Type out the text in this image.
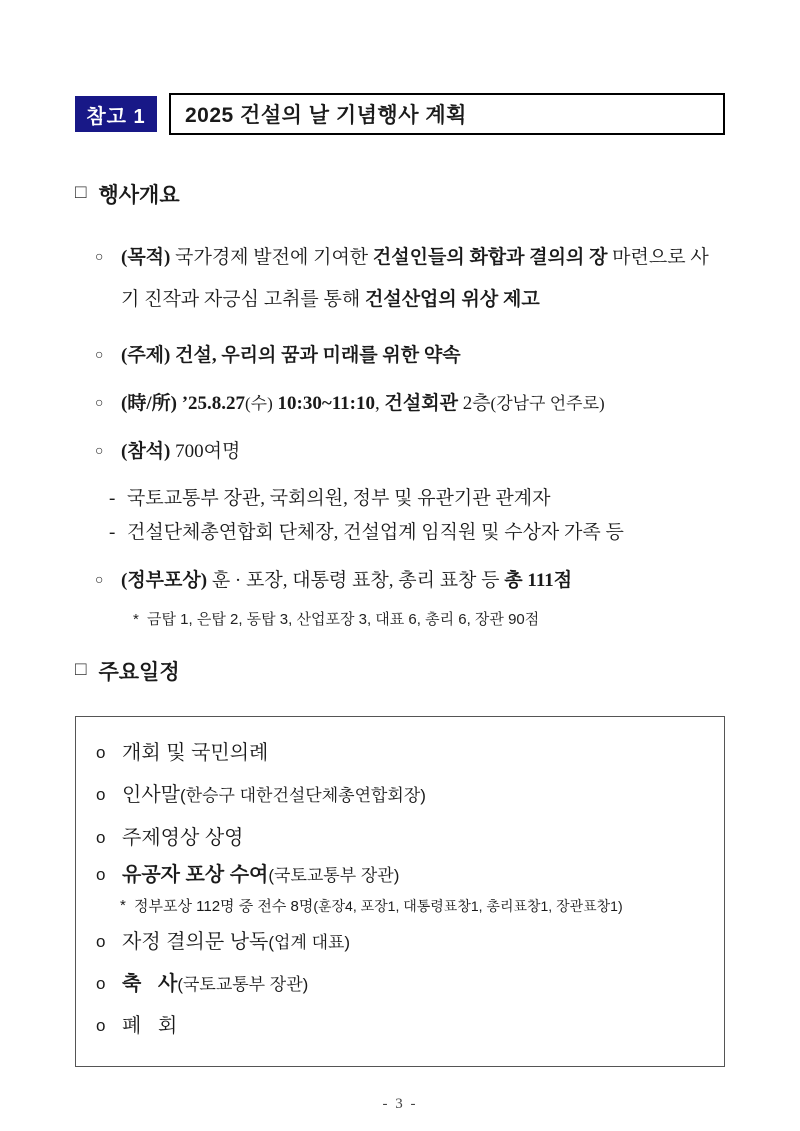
참고 1	2025 건설의 날 기념행사 계획
□ 행사개요
○ (목적) 국가경제 발전에 기여한 건설인들의 화합과 결의의 장 마련으로 사기 진작과 자긍심 고취를 통해 건설산업의 위상 제고
○ (주제) 건설, 우리의 꿈과 미래를 위한 약속
○ (時/所) ’25.8.27(수) 10:30~11:10, 건설회관 2층(강남구 언주로)
○ (참석) 700여명
- 국토교통부 장관, 국회의원, 정부 및 유관기관 관계자
- 건설단체총연합회 단체장, 건설업계 임직원 및 수상자 가족 등
○ (정부포상) 훈 · 포장, 대통령 표창, 총리 표창 등 총 111점
* 금탑 1, 은탑 2, 동탑 3, 산업포장 3, 대표 6, 총리 6, 장관 90점
□ 주요일정
o 개회 및 국민의례
o 인사말(한승구 대한건설단체총연합회장)
o 주제영상 상영
o 유공자 포상 수여(국토교통부 장관)
* 정부포상 112명 중 전수 8명(훈장4, 포장1, 대통령표창1, 총리표창1, 장관표창1)
o 자정 결의문 낭독(업계 대표)
o 축   사(국토교통부 장관)
o 폐   회
- 3 -
